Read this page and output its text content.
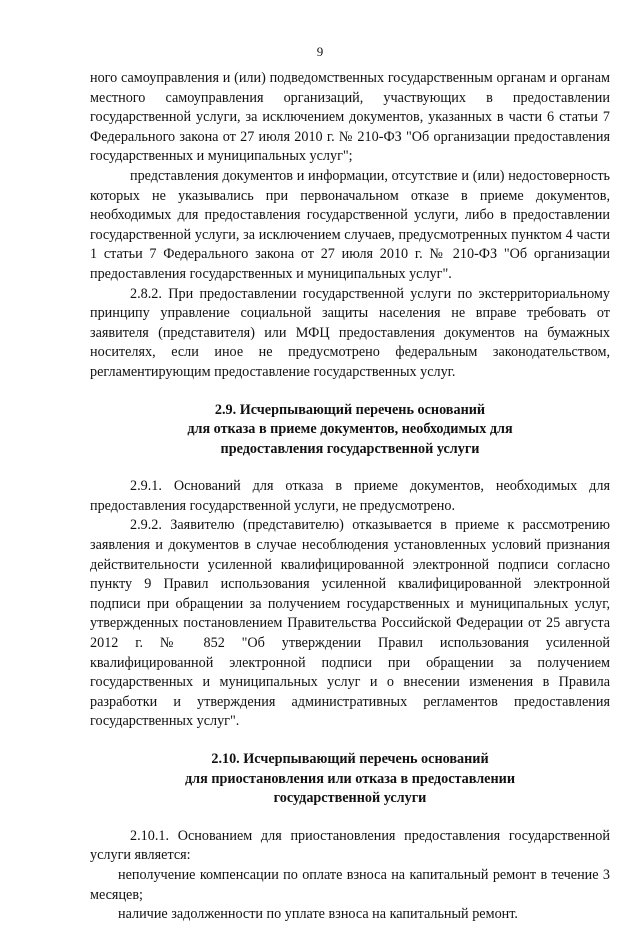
9

ного самоуправления и (или) подведомственных государственным органам и органам местного самоуправления организаций, участвующих в предоставлении государственной услуги, за исключением документов, указанных в части 6 статьи 7 Федерального закона от 27 июля 2010 г. № 210-ФЗ "Об организации предоставления государственных и муниципальных услуг";

представления документов и информации, отсутствие и (или) недостоверность которых не указывались при первоначальном отказе в приеме документов, необходимых для предоставления государственной услуги, либо в предоставлении государственной услуги, за исключением случаев, предусмотренных пунктом 4 части 1 статьи 7 Федерального закона от 27 июля 2010 г. № 210-ФЗ "Об организации предоставления государственных и муниципальных услуг".

2.8.2. При предоставлении государственной услуги по экстерриториальному принципу управление социальной защиты населения не вправе требовать от заявителя (представителя) или МФЦ предоставления документов на бумажных носителях, если иное не предусмотрено федеральным законодательством, регламентирующим предоставление государственных услуг.

2.9. Исчерпывающий перечень оснований
для отказа в приеме документов, необходимых для
предоставления государственной услуги

2.9.1. Оснований для отказа в приеме документов, необходимых для предоставления государственной услуги, не предусмотрено.

2.9.2. Заявителю (представителю) отказывается в приеме к рассмотрению заявления и документов в случае несоблюдения установленных условий признания действительности усиленной квалифицированной электронной подписи согласно пункту 9 Правил использования усиленной квалифицированной электронной подписи при обращении за получением государственных и муниципальных услуг, утвержденных постановлением Правительства Российской Федерации от 25 августа 2012 г. № 852 "Об утверждении Правил использования усиленной квалифицированной электронной подписи при обращении за получением государственных и муниципальных услуг и о внесении изменения в Правила разработки и утверждения административных регламентов предоставления государственных услуг".

2.10. Исчерпывающий перечень оснований
для приостановления или отказа в предоставлении
государственной услуги

2.10.1. Основанием для приостановления предоставления государственной услуги является:

неполучение компенсации по оплате взноса на капитальный ремонт в течение 3 месяцев;

наличие задолженности по уплате взноса на капитальный ремонт.
